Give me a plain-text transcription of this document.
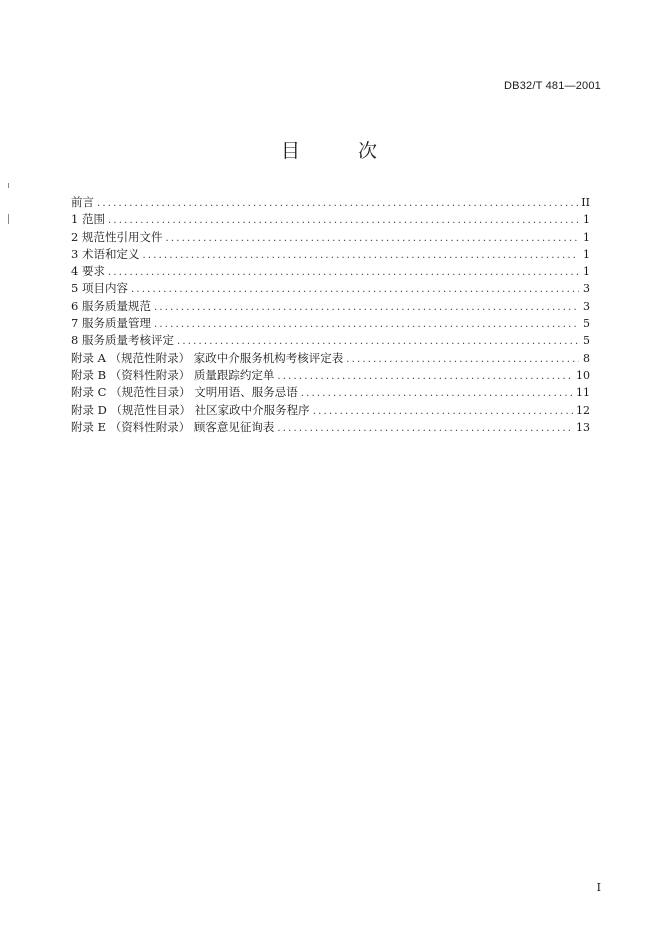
DB32/T 481—2001
目 次
前言 .....	II
1 范围 .....	1
2 规范性引用文件 .....	1
3 术语和定义 .....	1
4 要求 .....	1
5 项目内容 .....	3
6 服务质量规范 .....	3
7 服务质量管理 .....	5
8 服务质量考核评定 .....	5
附录 A （规范性附录） 家政中介服务机构考核评定表 .....	8
附录 B （资料性附录） 质量跟踪约定单 .....	10
附录 C （规范性目录） 文明用语、服务忌语 .....	11
附录 D （规范性目录） 社区家政中介服务程序 .....	12
附录 E （资料性附录） 顾客意见征询表 .....	13
I
